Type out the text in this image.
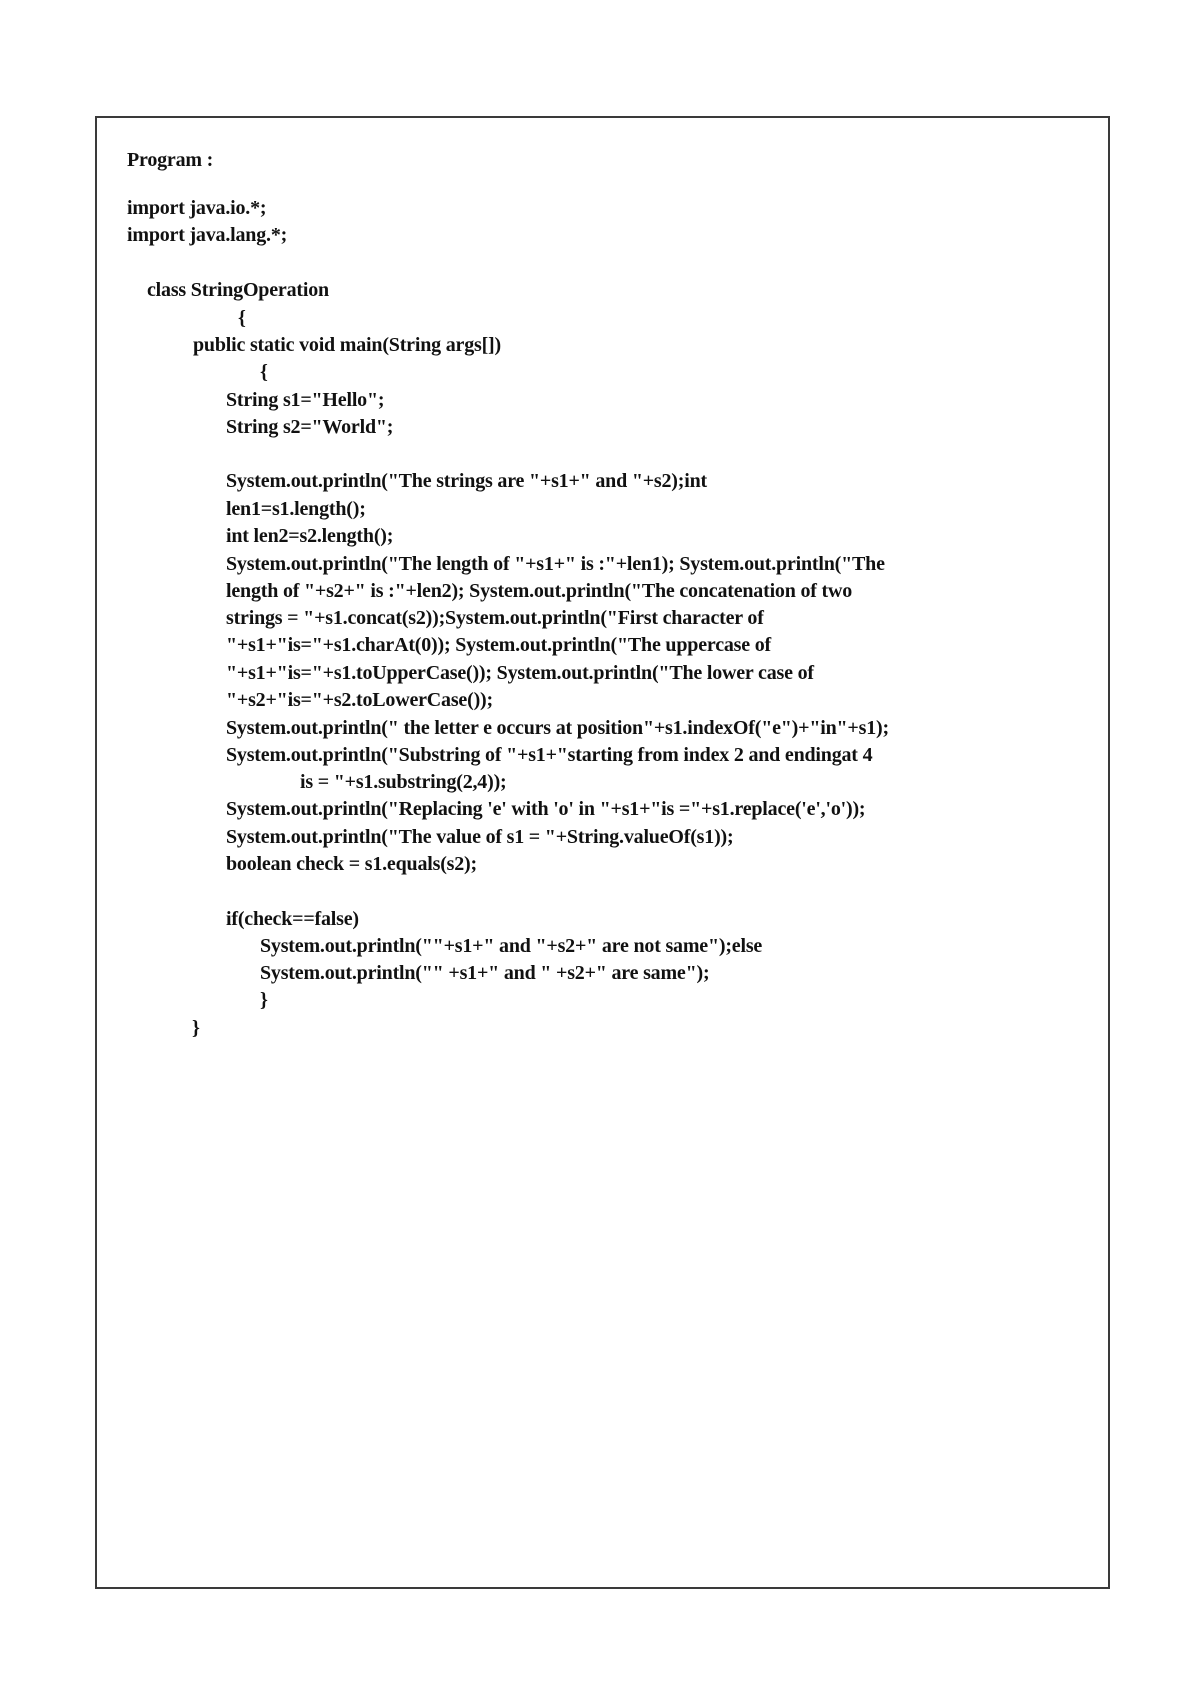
Program :
import java.io.*;
import java.lang.*;
class StringOperation
{
public static void main(String args[])
{
String s1="Hello";
String s2="World";
System.out.println("The strings are "+s1+" and "+s2);int
len1=s1.length();
int len2=s2.length();
System.out.println("The length of "+s1+" is :"+len1); System.out.println("The
length of "+s2+" is :"+len2); System.out.println("The concatenation of two
strings = "+s1.concat(s2));System.out.println("First character of
"+s1+"is="+s1.charAt(0)); System.out.println("The uppercase of
"+s1+"is="+s1.toUpperCase()); System.out.println("The lower case of
"+s2+"is="+s2.toLowerCase());
System.out.println(" the letter e occurs at position"+s1.indexOf("e")+"in"+s1);
System.out.println("Substring of "+s1+"starting from index 2 and endingat 4
is = "+s1.substring(2,4));
System.out.println("Replacing 'e' with 'o' in "+s1+"is ="+s1.replace('e','o'));
System.out.println("The value of s1 = "+String.valueOf(s1));
boolean check = s1.equals(s2);
if(check==false)
System.out.println(""+s1+" and "+s2+" are not same");else
System.out.println("" +s1+" and " +s2+" are same");
}
}
